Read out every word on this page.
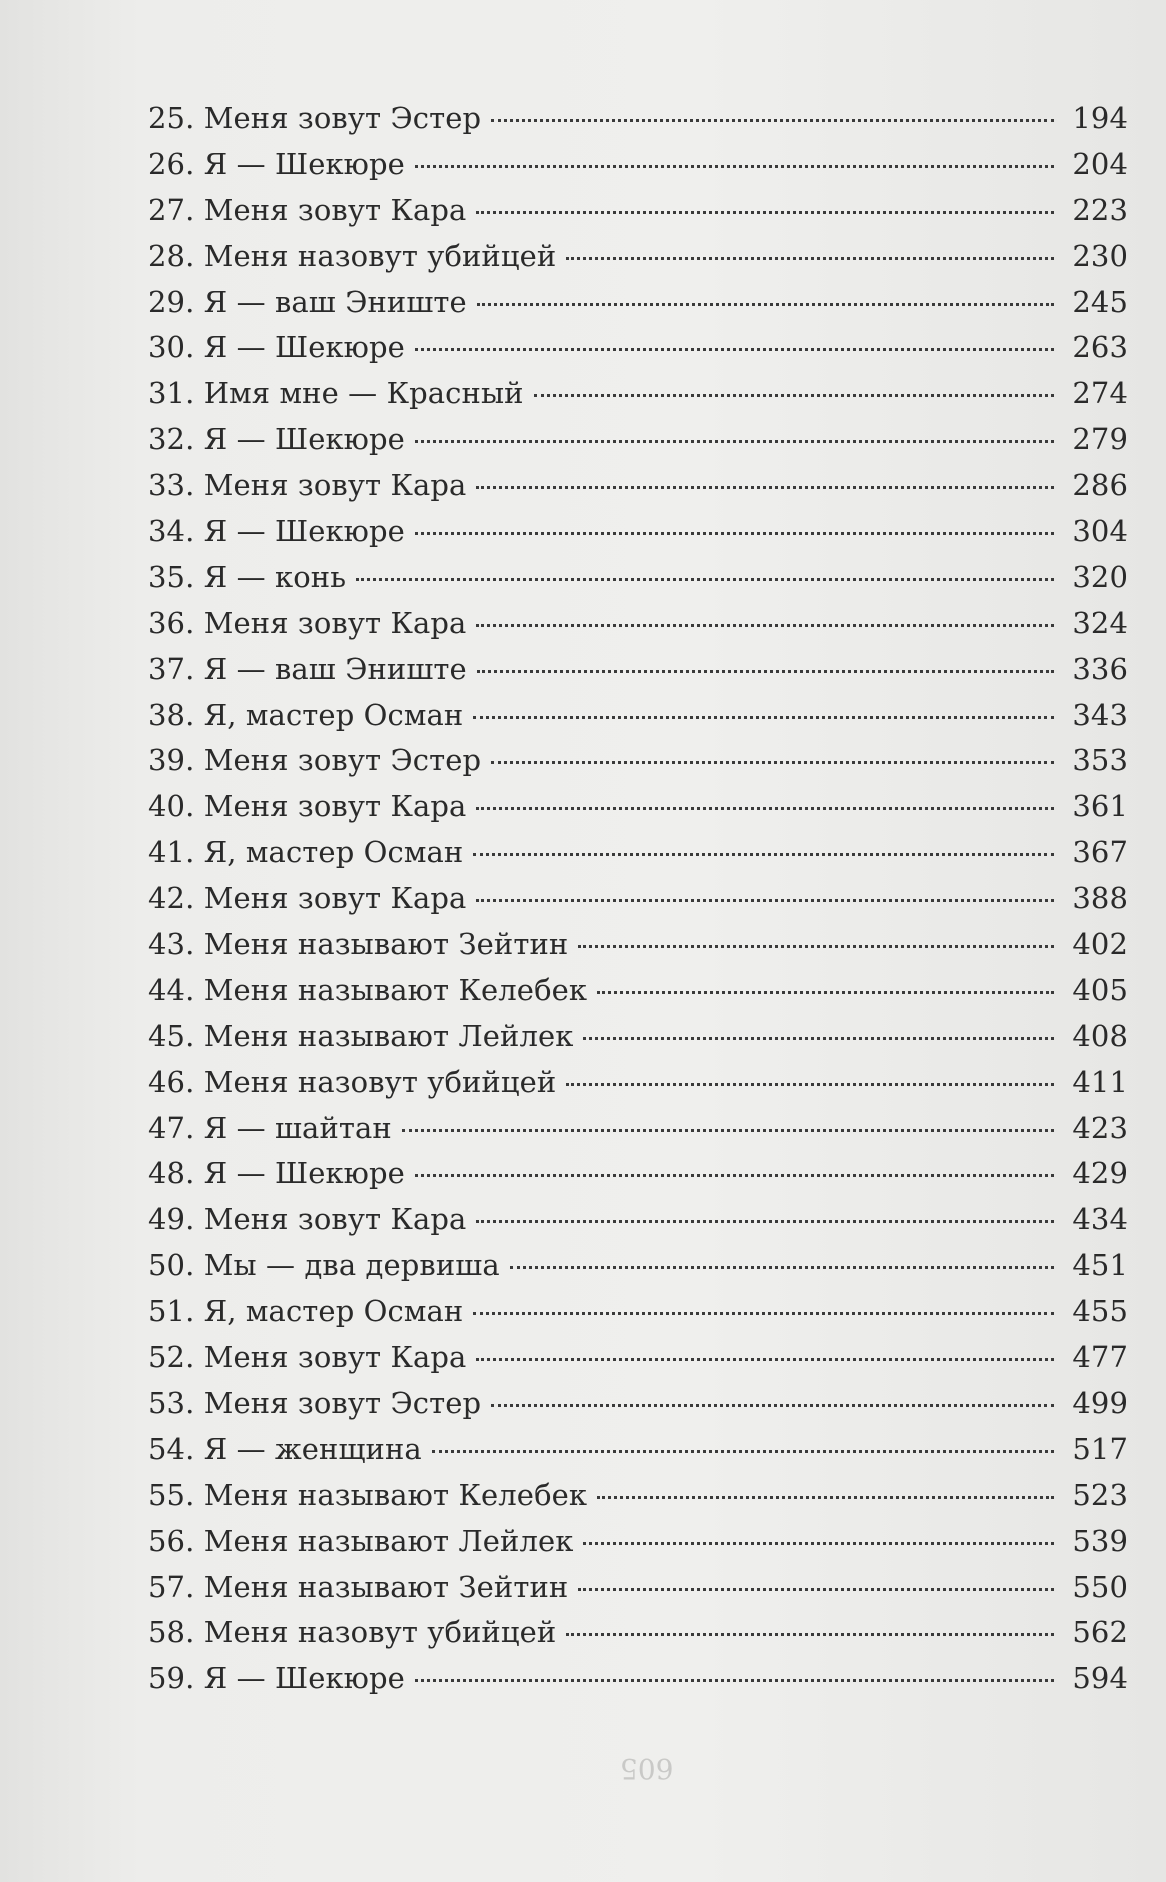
25. Меня зовут Эстер	194
26. Я — Шекюре	204
27. Меня зовут Кара	223
28. Меня назовут убийцей	230
29. Я — ваш Эниште	245
30. Я — Шекюре	263
31. Имя мне — Красный	274
32. Я — Шекюре	279
33. Меня зовут Кара	286
34. Я — Шекюре	304
35. Я — конь	320
36. Меня зовут Кара	324
37. Я — ваш Эниште	336
38. Я, мастер Осман	343
39. Меня зовут Эстер	353
40. Меня зовут Кара	361
41. Я, мастер Осман	367
42. Меня зовут Кара	388
43. Меня называют Зейтин	402
44. Меня называют Келебек	405
45. Меня называют Лейлек	408
46. Меня назовут убийцей	411
47. Я — шайтан	423
48. Я — Шекюре	429
49. Меня зовут Кара	434
50. Мы — два дервиша	451
51. Я, мастер Осман	455
52. Меня зовут Кара	477
53. Меня зовут Эстер	499
54. Я — женщина	517
55. Меня называют Келебек	523
56. Меня называют Лейлек	539
57. Меня называют Зейтин	550
58. Меня назовут убийцей	562
59. Я — Шекюре	594
605
